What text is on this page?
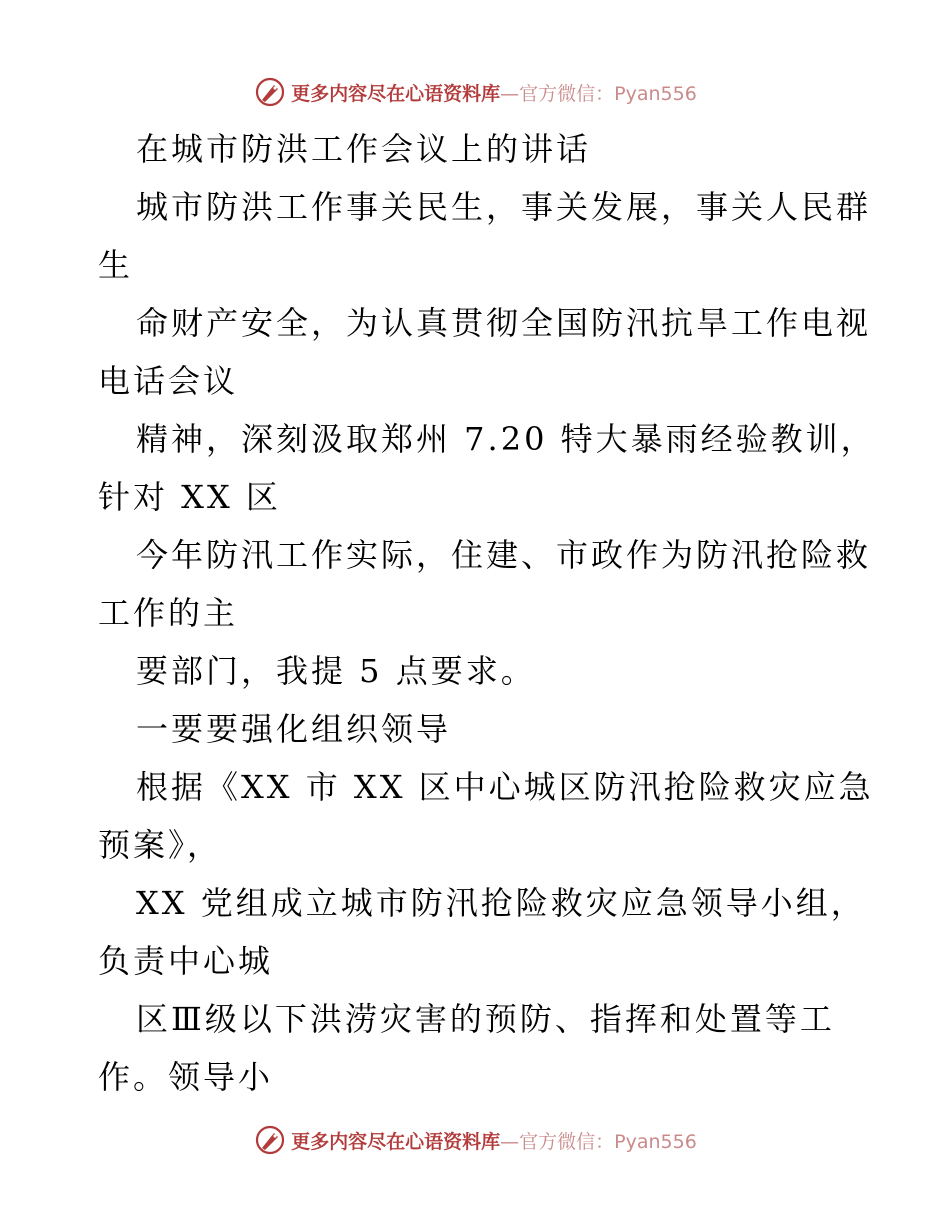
更多内容尽在心语资料库—官方微信：Pyan556
在城市防洪工作会议上的讲话
城市防洪工作事关民生，事关发展，事关人民群
生
命财产安全，为认真贯彻全国防汛抗旱工作电视
电话会议
精神，深刻汲取郑州 7.20 特大暴雨经验教训，
针对 XX 区
今年防汛工作实际，住建、市政作为防汛抢险救
工作的主
要部门，我提 5 点要求。
一要要强化组织领导
根据《XX 市 XX 区中心城区防汛抢险救灾应急
预案》，
XX 党组成立城市防汛抢险救灾应急领导小组，
负责中心城
区Ⅲ级以下洪涝灾害的预防、指挥和处置等工
作。领导小
更多内容尽在心语资料库—官方微信：Pyan556
